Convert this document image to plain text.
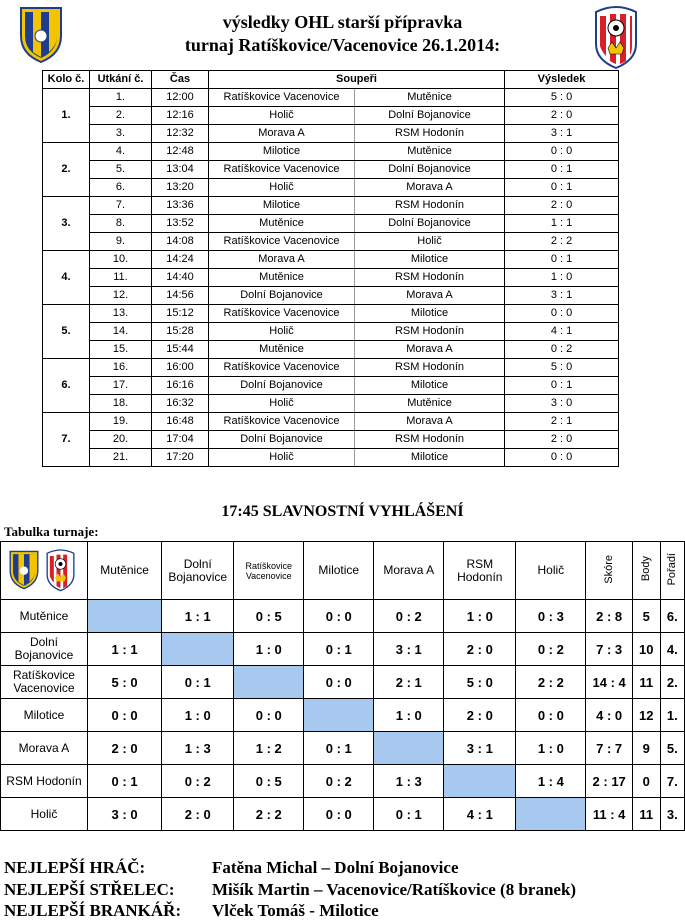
výsledky OHL starší přípravka
turnaj Ratíškovice/Vacenovice 26.1.2014:
Kolo č.	Utkání č.	Čas	Soupeři		Výsledek
1.	1.	12:00	Ratíškovice Vacenovice	Mutěnice	5 : 0
	2.	12:16	Holič	Dolní Bojanovice	2 : 0
	3.	12:32	Morava A	RSM Hodonín	3 : 1
2.	4.	12:48	Milotice	Mutěnice	0 : 0
	5.	13:04	Ratíškovice Vacenovice	Dolní Bojanovice	0 : 1
	6.	13:20	Holič	Morava A	0 : 1
3.	7.	13:36	Milotice	RSM Hodonín	2 : 0
	8.	13:52	Mutěnice	Dolní Bojanovice	1 : 1
	9.	14:08	Ratíškovice Vacenovice	Holič	2 : 2
4.	10.	14:24	Morava A	Milotice	0 : 1
	11.	14:40	Mutěnice	RSM Hodonín	1 : 0
	12.	14:56	Dolní Bojanovice	Morava A	3 : 1
5.	13.	15:12	Ratíškovice Vacenovice	Milotice	0 : 0
	14.	15:28	Holič	RSM Hodonín	4 : 1
	15.	15:44	Mutěnice	Morava A	0 : 2
6.	16.	16:00	Ratíškovice Vacenovice	RSM Hodonín	5 : 0
	17.	16:16	Dolní Bojanovice	Milotice	0 : 1
	18.	16:32	Holič	Mutěnice	3 : 0
7.	19.	16:48	Ratíškovice Vacenovice	Morava A	2 : 1
	20.	17:04	Dolní Bojanovice	RSM Hodonín	2 : 0
	21.	17:20	Holič	Milotice	0 : 0
17:45 SLAVNOSTNÍ VYHLÁŠENÍ
Tabulka turnaje:
	Mutěnice	Dolní Bojanovice	Ratíškovice Vacenovice	Milotice	Morava A	RSM Hodonín	Holič	Skóre	Body	Pořadí
Mutěnice		1 : 1	0 : 5	0 : 0	0 : 2	1 : 0	0 : 3	2 : 8	5	6.
Dolní Bojanovice	1 : 1		1 : 0	0 : 1	3 : 1	2 : 0	0 : 2	7 : 3	10	4.
Ratíškovice Vacenovice	5 : 0	0 : 1		0 : 0	2 : 1	5 : 0	2 : 2	14 : 4	11	2.
Milotice	0 : 0	1 : 0	0 : 0		1 : 0	2 : 0	0 : 0	4 : 0	12	1.
Morava A	2 : 0	1 : 3	1 : 2	0 : 1		3 : 1	1 : 0	7 : 7	9	5.
RSM Hodonín	0 : 1	0 : 2	0 : 5	0 : 2	1 : 3		1 : 4	2 : 17	0	7.
Holič	3 : 0	2 : 0	2 : 2	0 : 0	0 : 1	4 : 1		11 : 4	11	3.
NEJLEPŠÍ HRÁČ:	Fatěna Michal – Dolní Bojanovice
NEJLEPŠÍ STŘELEC: Mišík Martin – Vacenovice/Ratíškovice (8 branek)
NEJLEPŠÍ BRANKÁŘ: Vlček Tomáš - Milotice
